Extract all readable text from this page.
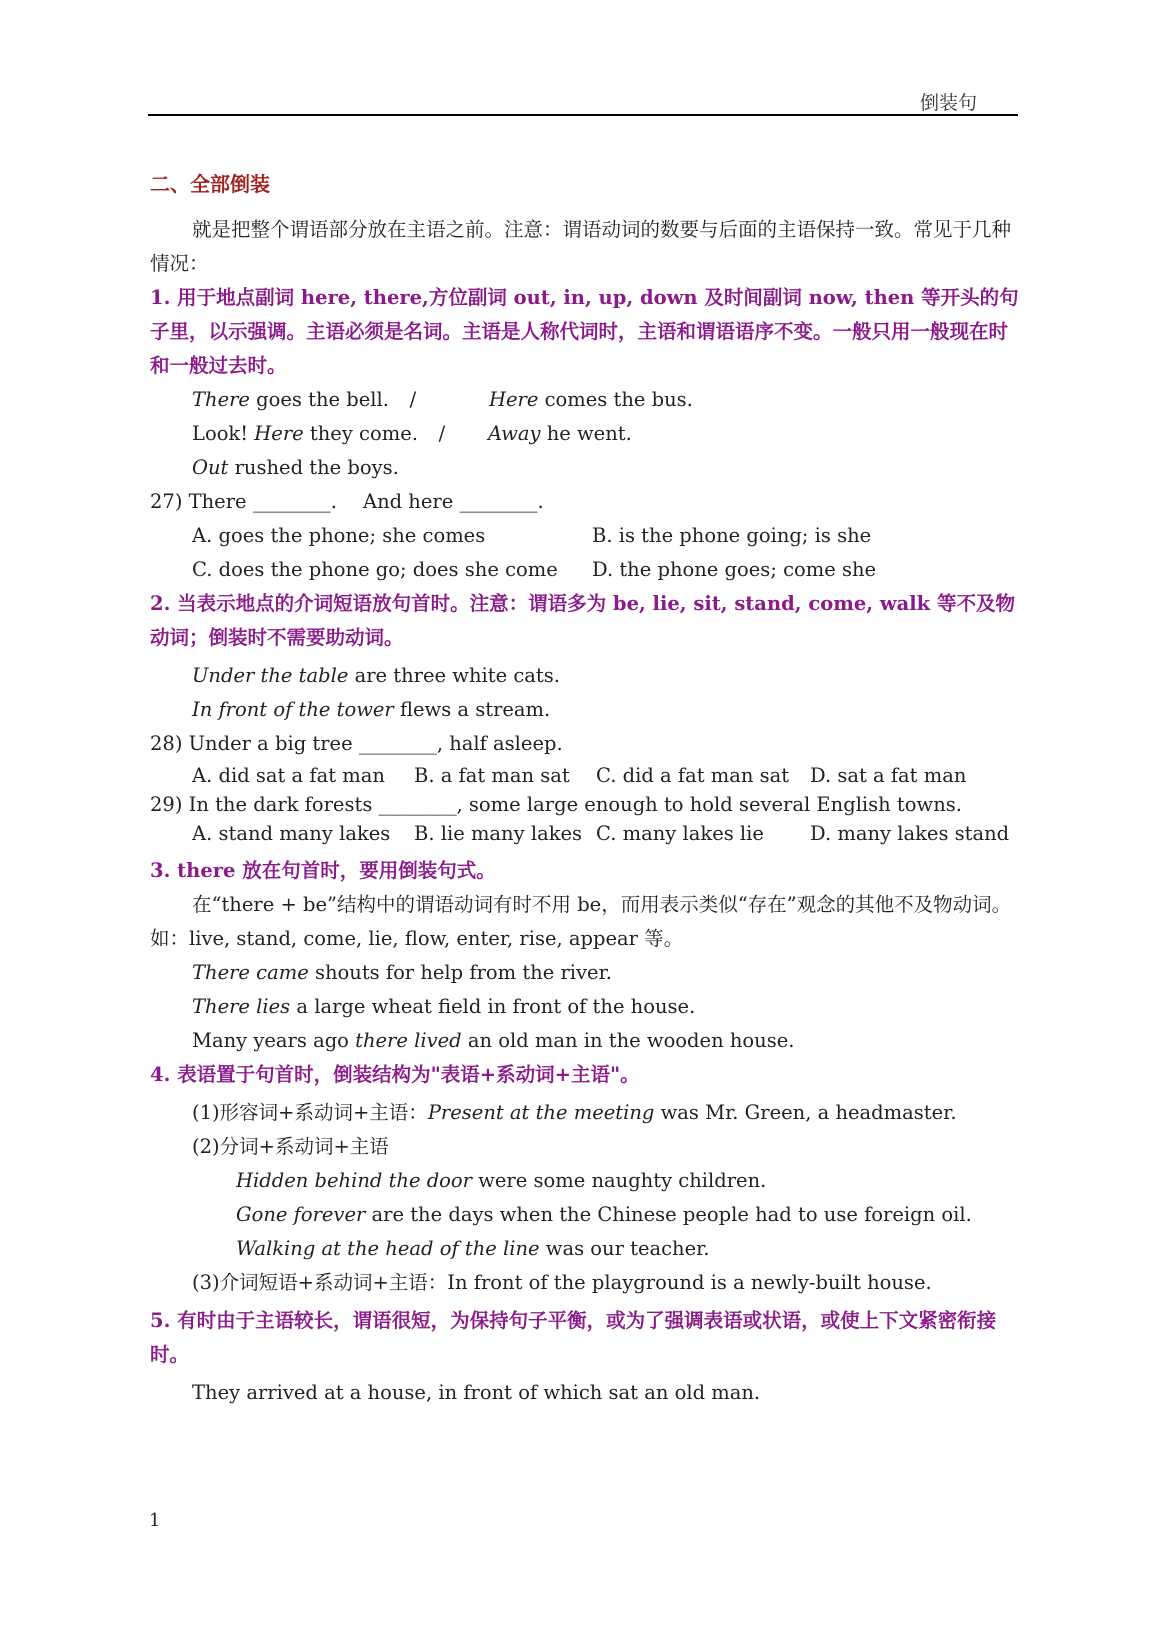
倒装句

二、全部倒装

就是把整个谓语部分放在主语之前。注意：谓语动词的数要与后面的主语保持一致。常见于几种情况：

1. 用于地点副词 here, there,方位副词 out, in, up, down 及时间副词 now, then 等开头的句子里，以示强调。主语必须是名词。主语是人称代词时，主语和谓语语序不变。一般只用一般现在时和一般过去时。

There goes the bell. /	Here comes the bus.
Look! Here they come. / Away he went.
Out rushed the boys.
27) There ________. And here ________.
A. goes the phone; she comes	B. is the phone going; is she
C. does the phone go; does she come	D. the phone goes; come she

2. 当表示地点的介词短语放句首时。注意：谓语多为 be, lie, sit, stand, come, walk 等不及物动词；倒装时不需要助动词。

Under the table are three white cats.
In front of the tower flews a stream.
28) Under a big tree ________, half asleep.
A. did sat a fat man	B. a fat man sat	C. did a fat man sat	D. sat a fat man
29) In the dark forests ________, some large enough to hold several English towns.
A. stand many lakes	B. lie many lakes C. many lakes lie	D. many lakes stand

3. there 放在句首时，要用倒装句式。

在“there + be”结构中的谓语动词有时不用 be，而用表示类似“存在”观念的其他不及物动词。如：live, stand, come, lie, flow, enter, rise, appear 等。

There came shouts for help from the river.
There lies a large wheat field in front of the house.
Many years ago there lived an old man in the wooden house.

4. 表语置于句首时，倒装结构为"表语+系动词+主语"。

(1)形容词+系动词+主语：Present at the meeting was Mr. Green, a headmaster.
(2)分词+系动词+主语
Hidden behind the door were some naughty children.
Gone forever are the days when the Chinese people had to use foreign oil.
Walking at the head of the line was our teacher.
(3)介词短语+系动词+主语：In front of the playground is a newly-built house.

5. 有时由于主语较长，谓语很短，为保持句子平衡，或为了强调表语或状语，或使上下文紧密衔接时。

They arrived at a house, in front of which sat an old man.
1
